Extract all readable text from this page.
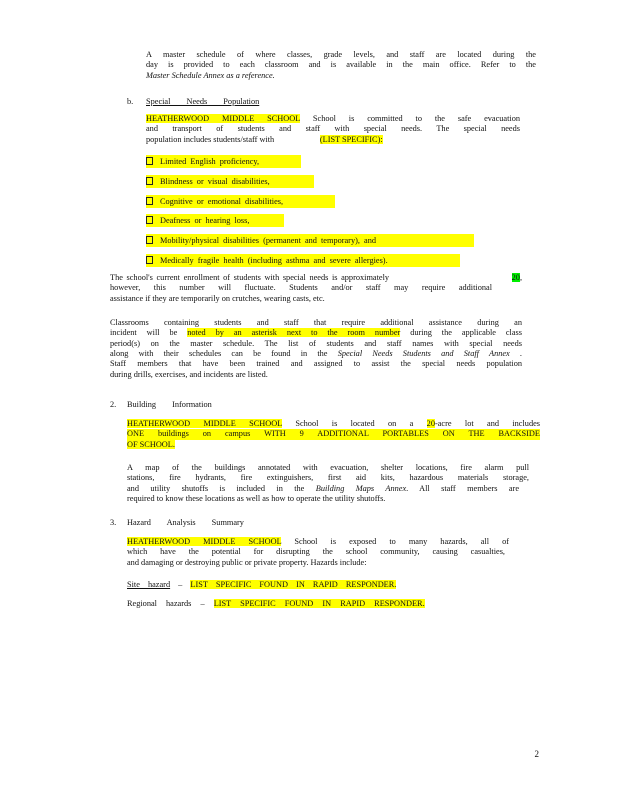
A master schedule of where classes, grade levels, and staff are located during the
day is provided to each classroom and is available in the main office. Refer to the
Master Schedule Annex as a reference.
b. Special Needs Population
HEATHERWOOD MIDDLE SCHOOL School is committed to the safe evacuation
and transport of students and staff with special needs. The special needs
population includes students/staff with	(LIST SPECIFIC):
Limited English proficiency,
Blindness or visual disabilities,
Cognitive or emotional disabilities,
Deafness or hearing loss,
Mobility/physical disabilities (permanent and temporary), and
Medically fragile health (including asthma and severe allergies).
The school's current enrollment of students with special needs is approximately	20,
however, this number will fluctuate. Students and/or staff may require additional
assistance if they are temporarily on crutches, wearing casts, etc.
Classrooms containing students and staff that require additional assistance during an
incident will be noted by an asterisk next to the room number during the applicable class
period(s) on the master schedule. The list of students and staff names with special needs
along with their schedules can be found in the Special Needs Students and Staff Annex .
Staff members that have been trained and assigned to assist the special needs population
during drills, exercises, and incidents are listed.
2. Building Information
HEATHERWOOD MIDDLE SCHOOL School is located on a 20-acre lot and includes
ONE buildings on campus WITH 9 ADDITIONAL PORTABLES ON THE BACKSIDE
OF SCHOOL.
A map of the buildings annotated with evacuation, shelter locations, fire alarm pull
stations, fire hydrants, fire extinguishers, first aid kits, hazardous materials storage,
and utility shutoffs is included in the Building Maps Annex. All staff members are
required to know these locations as well as how to operate the utility shutoffs.
3. Hazard Analysis Summary
HEATHERWOOD MIDDLE SCHOOL School is exposed to many hazards, all of
which have the potential for disrupting the school community, causing casualties,
and damaging or destroying public or private property. Hazards include:
Site hazard – LIST SPECIFIC FOUND IN RAPID RESPONDER.
Regional hazards – LIST SPECIFIC FOUND IN RAPID RESPONDER.
2
